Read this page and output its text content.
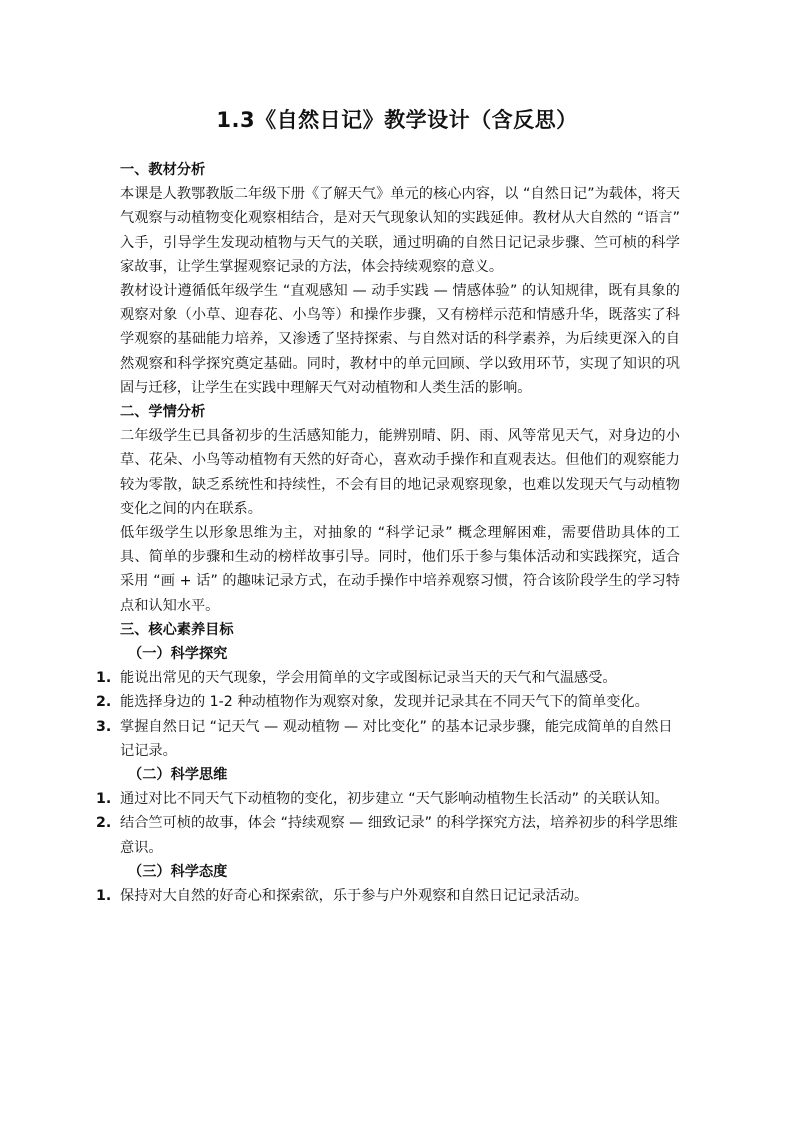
1.3《自然日记》教学设计（含反思）
一、教材分析
本课是人教鄂教版二年级下册《了解天气》单元的核心内容，以 “自然日记”为载体，将天气观察与动植物变化观察相结合，是对天气现象认知的实践延伸。教材从大自然的 “语言” 入手，引导学生发现动植物与天气的关联，通过明确的自然日记记录步骤、竺可桢的科学家故事，让学生掌握观察记录的方法，体会持续观察的意义。
教材设计遵循低年级学生 “直观感知 — 动手实践 — 情感体验” 的认知规律，既有具象的观察对象（小草、迎春花、小鸟等）和操作步骤，又有榜样示范和情感升华，既落实了科学观察的基础能力培养，又渗透了坚持探索、与自然对话的科学素养，为后续更深入的自然观察和科学探究奠定基础。同时，教材中的单元回顾、学以致用环节，实现了知识的巩固与迁移，让学生在实践中理解天气对动植物和人类生活的影响。
二、学情分析
二年级学生已具备初步的生活感知能力，能辨别晴、阴、雨、风等常见天气，对身边的小草、花朵、小鸟等动植物有天然的好奇心，喜欢动手操作和直观表达。但他们的观察能力较为零散，缺乏系统性和持续性，不会有目的地记录观察现象，也难以发现天气与动植物变化之间的内在联系。
低年级学生以形象思维为主，对抽象的 “科学记录” 概念理解困难，需要借助具体的工具、简单的步骤和生动的榜样故事引导。同时，他们乐于参与集体活动和实践探究，适合采用 “画 + 话” 的趣味记录方式，在动手操作中培养观察习惯，符合该阶段学生的学习特点和认知水平。
三、核心素养目标
（一）科学探究
1. 能说出常见的天气现象，学会用简单的文字或图标记录当天的天气和气温感受。
2. 能选择身边的 1-2 种动植物作为观察对象，发现并记录其在不同天气下的简单变化。
3. 掌握自然日记 “记天气 — 观动植物 — 对比变化” 的基本记录步骤，能完成简单的自然日记记录。
（二）科学思维
1. 通过对比不同天气下动植物的变化，初步建立 “天气影响动植物生长活动” 的关联认知。
2. 结合竺可桢的故事，体会 “持续观察 — 细致记录” 的科学探究方法，培养初步的科学思维意识。
（三）科学态度
1. 保持对大自然的好奇心和探索欲，乐于参与户外观察和自然日记记录活动。
